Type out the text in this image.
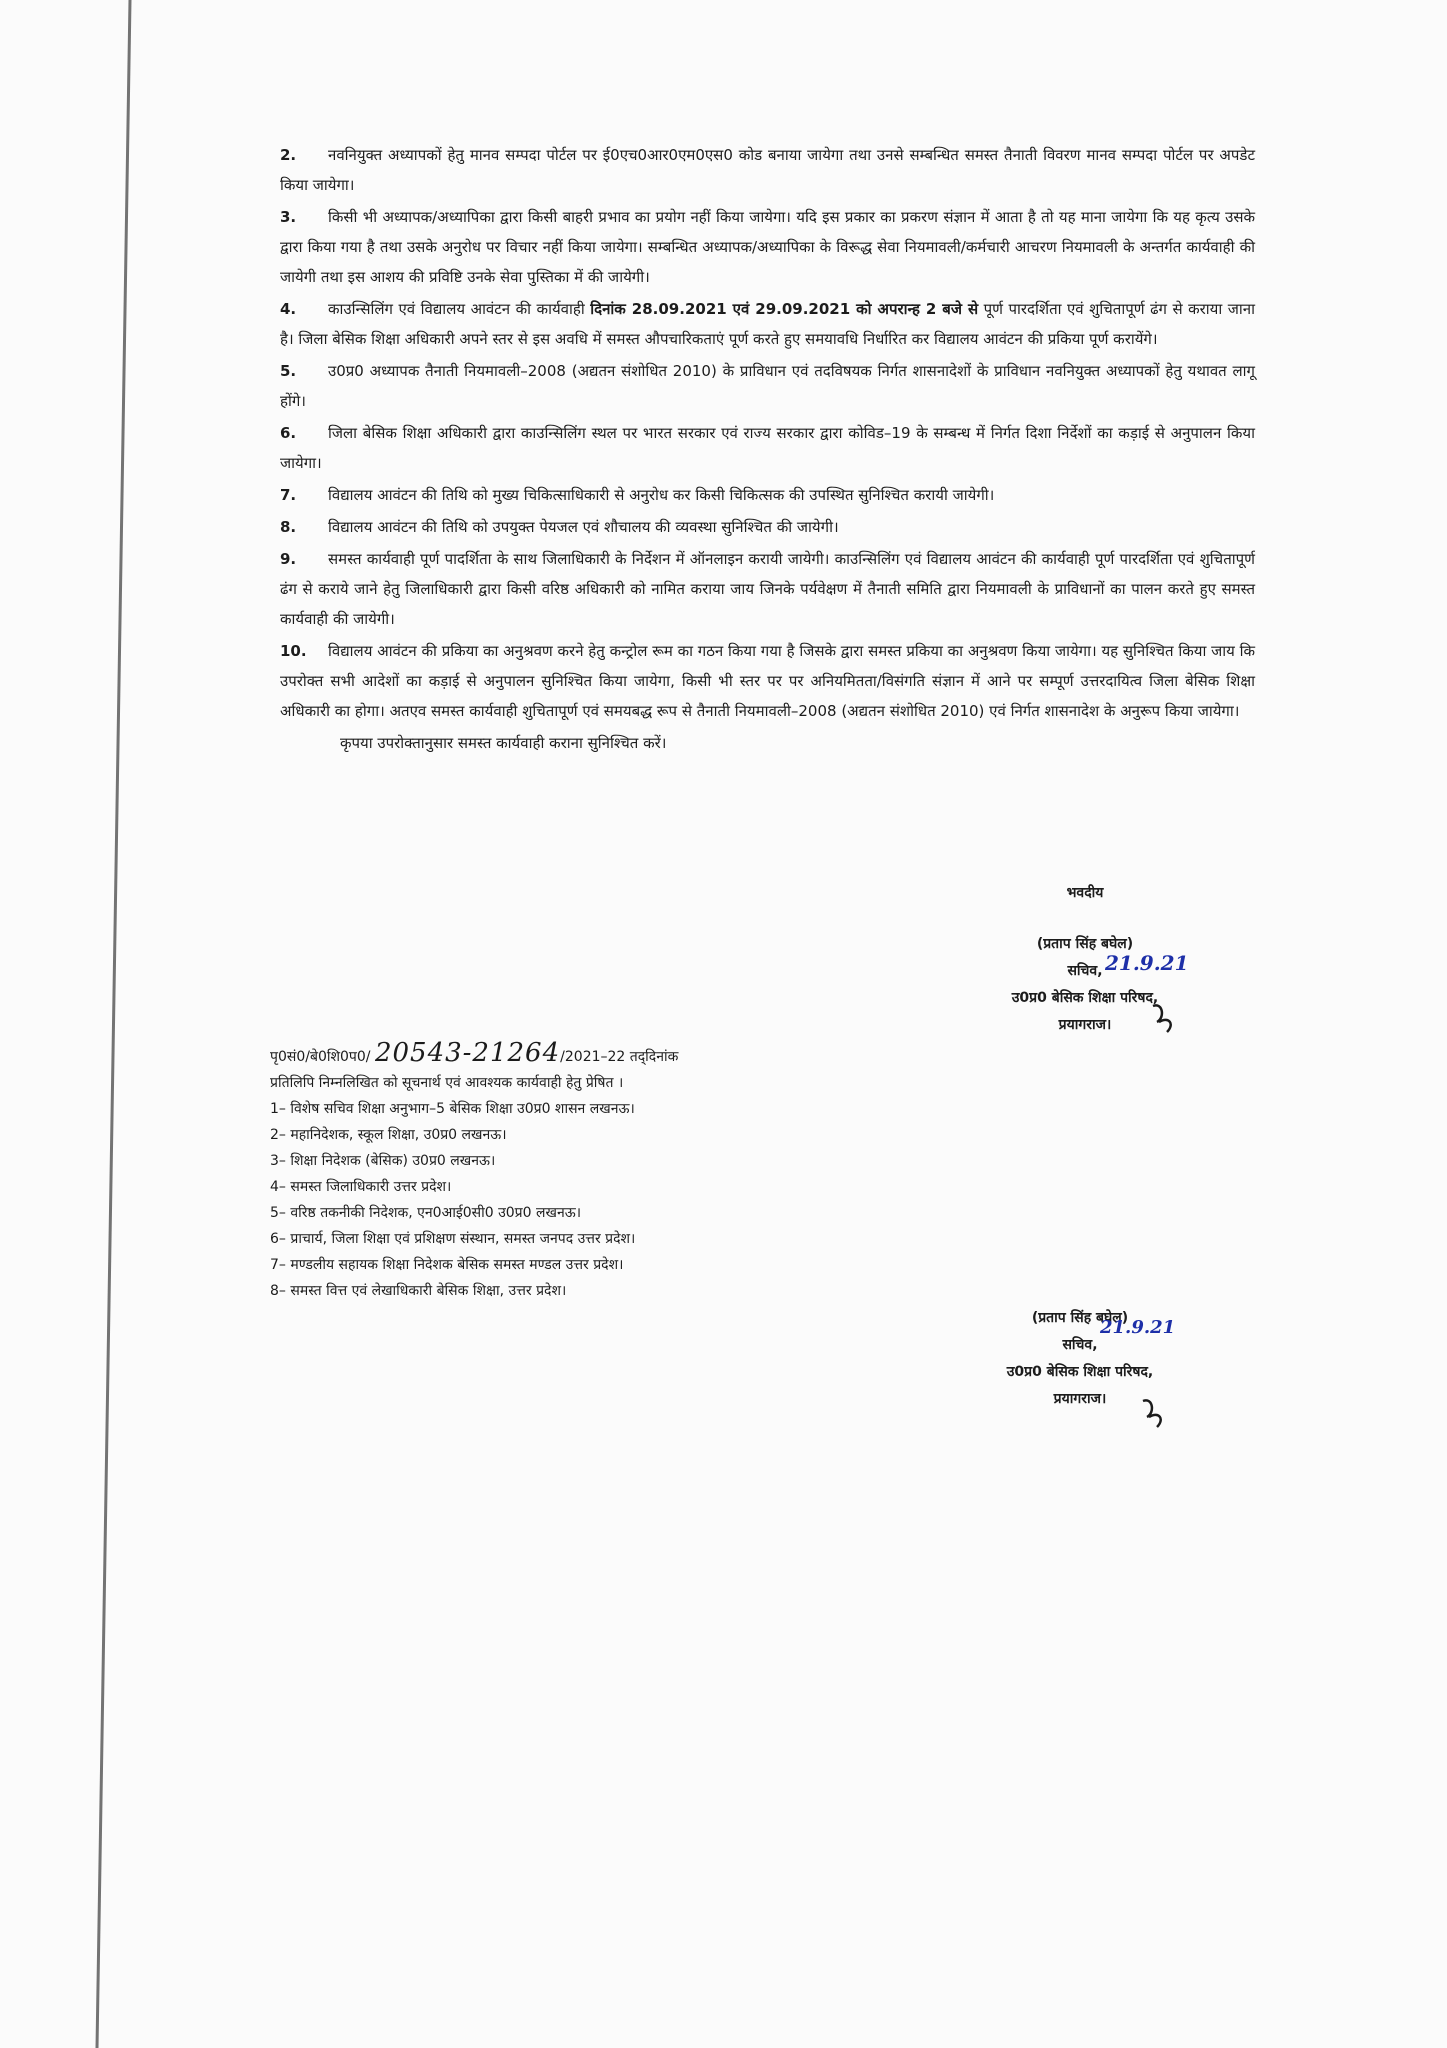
2. नवनियुक्त अध्यापकों हेतु मानव सम्पदा पोर्टल पर ई0एच0आर0एम0एस0 कोड बनाया जायेगा तथा उनसे सम्बन्धित समस्त तैनाती विवरण मानव सम्पदा पोर्टल पर अपडेट किया जायेगा।

3. किसी भी अध्यापक/अध्यापिका द्वारा किसी बाहरी प्रभाव का प्रयोग नहीं किया जायेगा। यदि इस प्रकार का प्रकरण संज्ञान में आता है तो यह माना जायेगा कि यह कृत्य उसके द्वारा किया गया है तथा उसके अनुरोध पर विचार नहीं किया जायेगा। सम्बन्धित अध्यापक/अध्यापिका के विरूद्ध सेवा नियमावली/कर्मचारी आचरण नियमावली के अन्तर्गत कार्यवाही की जायेगी तथा इस आशय की प्रविष्टि उनके सेवा पुस्तिका में की जायेगी।

4. काउन्सिलिंग एवं विद्यालय आवंटन की कार्यवाही दिनांक 28.09.2021 एवं 29.09.2021 को अपरान्ह 2 बजे से पूर्ण पारदर्शिता एवं शुचितापूर्ण ढंग से कराया जाना है। जिला बेसिक शिक्षा अधिकारी अपने स्तर से इस अवधि में समस्त औपचारिकताएं पूर्ण करते हुए समयावधि निर्धारित कर विद्यालय आवंटन की प्रकिया पूर्ण करायेंगे।

5. उ0प्र0 अध्यापक तैनाती नियमावली–2008 (अद्यतन संशोधित 2010) के प्राविधान एवं तदविषयक निर्गत शासनादेशों के प्राविधान नवनियुक्त अध्यापकों हेतु यथावत लागू होंगे।

6. जिला बेसिक शिक्षा अधिकारी द्वारा काउन्सिलिंग स्थल पर भारत सरकार एवं राज्य सरकार द्वारा कोविड–19 के सम्बन्ध में निर्गत दिशा निर्देशों का कड़ाई से अनुपालन किया जायेगा।

7. विद्यालय आवंटन की तिथि को मुख्य चिकित्साधिकारी से अनुरोध कर किसी चिकित्सक की उपस्थित सुनिश्चित करायी जायेगी।

8. विद्यालय आवंटन की तिथि को उपयुक्त पेयजल एवं शौचालय की व्यवस्था सुनिश्चित की जायेगी।

9. समस्त कार्यवाही पूर्ण पादर्शिता के साथ जिलाधिकारी के निर्देशन में ऑनलाइन करायी जायेगी। काउन्सिलिंग एवं विद्यालय आवंटन की कार्यवाही पूर्ण पारदर्शिता एवं शुचितापूर्ण ढंग से कराये जाने हेतु जिलाधिकारी द्वारा किसी वरिष्ठ अधिकारी को नामित कराया जाय जिनके पर्यवेक्षण में तैनाती समिति द्वारा नियमावली के प्राविधानों का पालन करते हुए समस्त कार्यवाही की जायेगी।

10. विद्यालय आवंटन की प्रकिया का अनुश्रवण करने हेतु कन्ट्रोल रूम का गठन किया गया है जिसके द्वारा समस्त प्रकिया का अनुश्रवण किया जायेगा। यह सुनिश्चित किया जाय कि उपरोक्त सभी आदेशों का कड़ाई से अनुपालन सुनिश्चित किया जायेगा, किसी भी स्तर पर पर अनियमितता/विसंगति संज्ञान में आने पर सम्पूर्ण उत्तरदायित्व जिला बेसिक शिक्षा अधिकारी का होगा। अतएव समस्त कार्यवाही शुचितापूर्ण एवं समयबद्ध रूप से तैनाती नियमावली–2008 (अद्यतन संशोधित 2010) एवं निर्गत शासनादेश के अनुरूप किया जायेगा।

कृपया उपरोक्तानुसार समस्त कार्यवाही कराना सुनिश्चित करें।

भवदीय
(प्रताप सिंह बघेल)
सचिव, 21.9.21
उ0प्र0 बेसिक शिक्षा परिषद,
प्रयागराज।
पृ0सं0/बे0शि0प0/ 20543-21264/2021–22 तद्‌दिनांक
प्रतिलिपि निम्नलिखित को सूचनार्थ एवं आवश्यक कार्यवाही हेतु प्रेषित ।
1– विशेष सचिव शिक्षा अनुभाग–5 बेसिक शिक्षा उ0प्र0 शासन लखनऊ।
2– महानिदेशक, स्कूल शिक्षा, उ0प्र0 लखनऊ।
3– शिक्षा निदेशक (बेसिक) उ0प्र0 लखनऊ।
4– समस्त जिलाधिकारी उत्तर प्रदेश।
5– वरिष्ठ तकनीकी निदेशक, एन0आई0सी0 उ0प्र0 लखनऊ।
6– प्राचार्य, जिला शिक्षा एवं प्रशिक्षण संस्थान, समस्त जनपद उत्तर प्रदेश।
7– मण्डलीय सहायक शिक्षा निदेशक बेसिक समस्त मण्डल उत्तर प्रदेश।
8– समस्त वित्त एवं लेखाधिकारी बेसिक शिक्षा, उत्तर प्रदेश।
(प्रताप सिंह बघेल)
सचिव,
21.9.21
उ0प्र0 बेसिक शिक्षा परिषद,
प्रयागराज।
